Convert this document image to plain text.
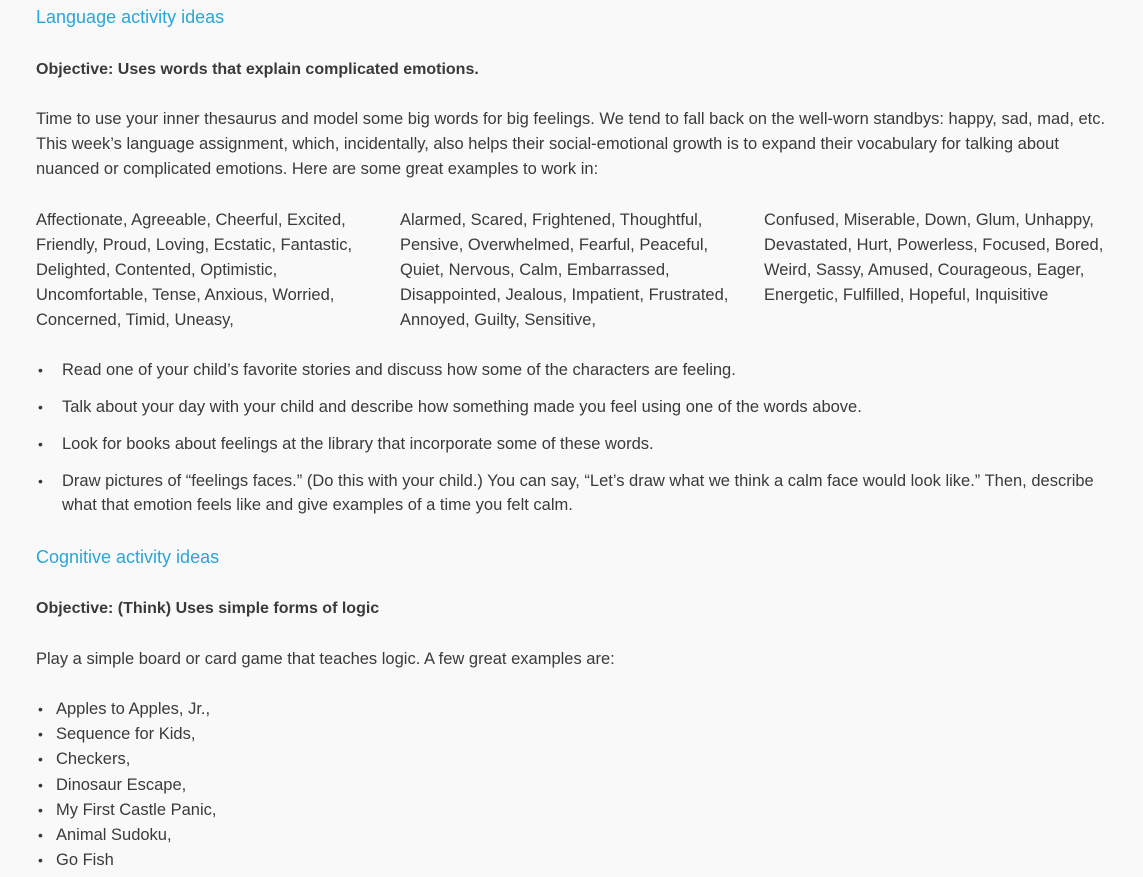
Language activity ideas

Objective: Uses words that explain complicated emotions.

Time to use your inner thesaurus and model some big words for big feelings. We tend to fall back on the well-worn standbys: happy, sad, mad, etc. This week’s language assignment, which, incidentally, also helps their social-emotional growth is to expand their vocabulary for talking about nuanced or complicated emotions. Here are some great examples to work in:

Affectionate, Agreeable, Cheerful, Excited, Friendly, Proud, Loving, Ecstatic, Fantastic, Delighted, Contented, Optimistic, Uncomfortable, Tense, Anxious, Worried, Concerned, Timid, Uneasy,

Alarmed, Scared, Frightened, Thoughtful, Pensive, Overwhelmed, Fearful, Peaceful, Quiet, Nervous, Calm, Embarrassed, Disappointed, Jealous, Impatient, Frustrated, Annoyed, Guilty, Sensitive,

Confused, Miserable, Down, Glum, Unhappy, Devastated, Hurt, Powerless, Focused, Bored, Weird, Sassy, Amused, Courageous, Eager, Energetic, Fulfilled, Hopeful, Inquisitive

• Read one of your child’s favorite stories and discuss how some of the characters are feeling.
• Talk about your day with your child and describe how something made you feel using one of the words above.
• Look for books about feelings at the library that incorporate some of these words.
• Draw pictures of “feelings faces.” (Do this with your child.) You can say, “Let’s draw what we think a calm face would look like.” Then, describe what that emotion feels like and give examples of a time you felt calm.
Cognitive activity ideas

Objective: (Think) Uses simple forms of logic

Play a simple board or card game that teaches logic. A few great examples are:

• Apples to Apples, Jr.,
• Sequence for Kids,
• Checkers,
• Dinosaur Escape,
• My First Castle Panic,
• Animal Sudoku,
• Go Fish
